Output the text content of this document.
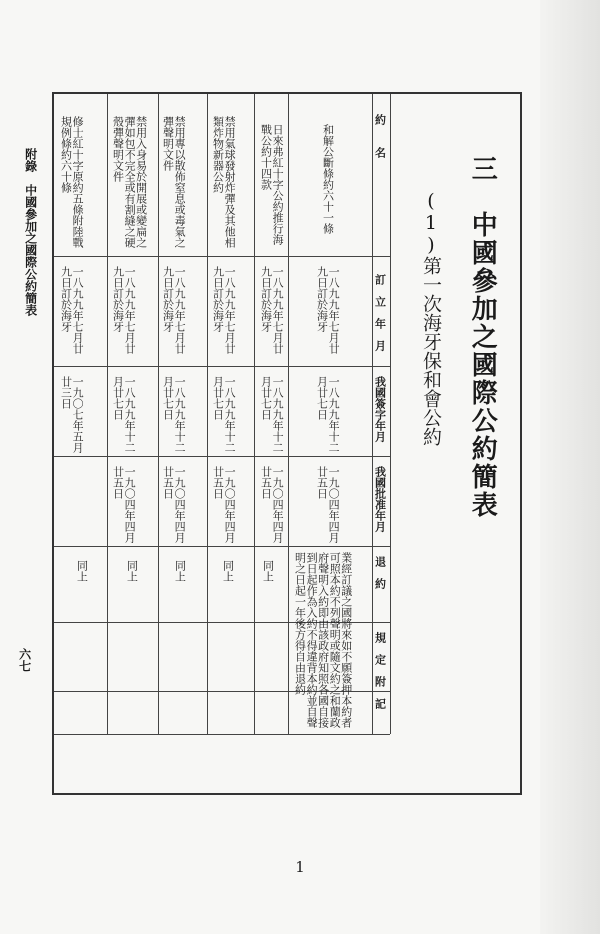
附錄　中國參加之國際公約簡表
六七
三　中國參加之國際公約簡表
(1)第一次海牙保和會公約
約　　名
訂　立　年　月
我國簽字年月
我國批准年月
退　約
規　定　附　記
和解公斷條約六十一條
一八九九年七月廿九日訂於海牙
一八九九年十二月廿七日
一九〇四年四月廿五日
業經訂議之國將來如不願簽押本約者可照本約不列聲明或隨文約之和蘭政府聲明入約即由該政府知照各國自接到日起作為入約不得違背本約並自聲明之日起一年後方得自由退約
日來弗紅十字公約推行海戰公約十四款
一八九九年七月廿九日訂於海牙
一八九九年十二月廿七日
一九〇四年四月廿五日
同上
禁用氣球發射炸彈及其他相類炸物新器公約
一八九九年七月廿九日訂於海牙
一八九九年十二月廿七日
一九〇四年四月廿五日
同上
禁用專以散佈窒息或毒氣之彈聲明文件
一八九九年七月廿九日訂於海牙
一八九九年十二月廿七日
一九〇四年四月廿五日
同上
禁用入身易於開展或變扁之彈如包不完全或有割縫之硬殼彈聲明文件
一八九九年七月廿九日訂於海牙
一八九九年十二月廿七日
一九〇四年四月廿五日
同上
修士紅十字原約五條附陸戰規例條約六十條
一八九九年七月廿九日訂於海牙
一九〇七年五月廿三日
同上
1
